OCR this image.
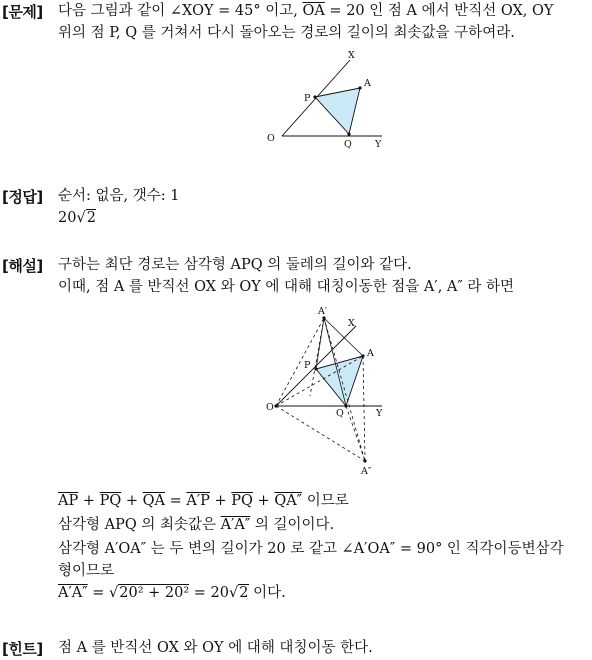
[문제] 다음 그림과 같이 ∠XOY = 45° 이고, $\overline{OA} = 20$ 인 점 A 에서 반직선 OX, OY
위의 점 P, Q 를 거쳐서 다시 돌아오는 경로의 길이의 최솟값을 구하여라.
X
A
P
O
Q Y
[정답] 순서: 없음, 갯수: 1
20√2
[해설] 구하는 최단 경로는 삼각형 APQ 의 둘레의 길이와 같다.
이때, 점 A 를 반직선 OX 와 OY 에 대해 대칭이동한 점을 A′, A″ 라 하면
A′
X
A
P
O
Q	Y
A″
$\overline{AP} + \overline{PQ} + \overline{QA} = A'P + \overline{PQ} + QA''$ 이므로
삼각형 APQ 의 최솟값은 A′A″ 의 길이이다.
삼각형 A′OA″ 는 두 변의 길이가 20 로 같고 ∠A′OA″ = 90° 인 직각이등변삼각
형이므로
A′A″ = √20² + 20² = 20√2 이다.
[힌트] 점 A 를 반직선 OX 와 OY 에 대해 대칭이동 한다.
